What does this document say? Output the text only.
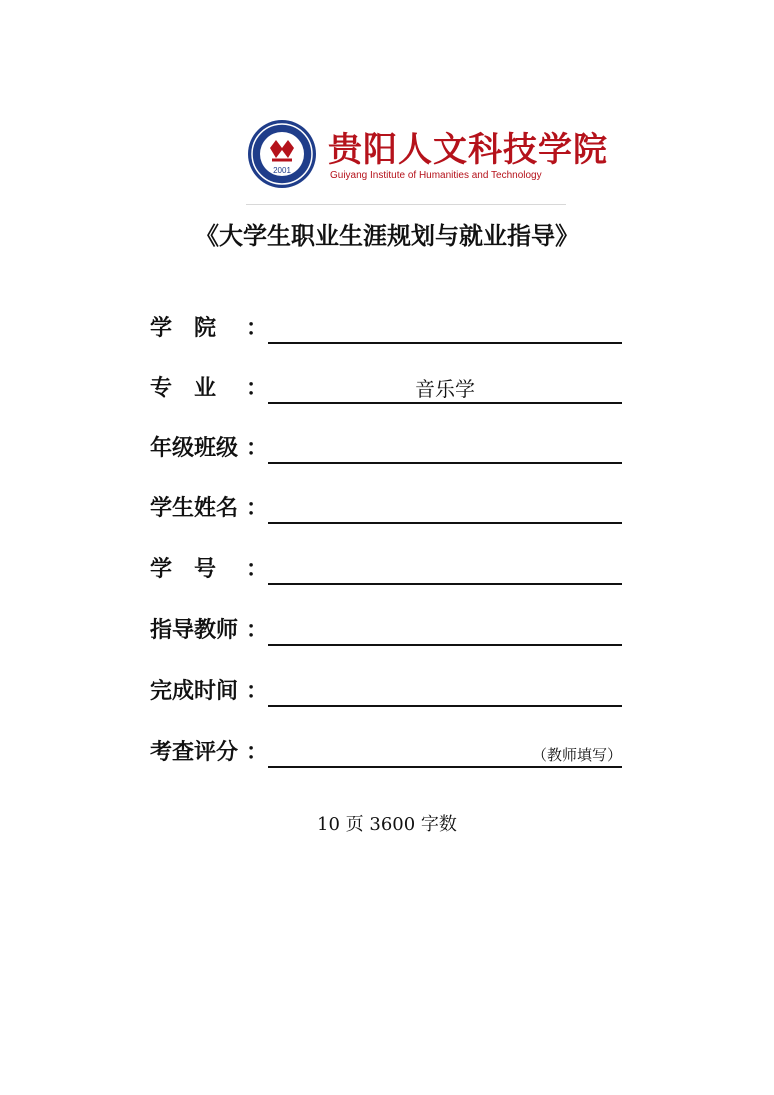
2001
贵阳人文科技学院
Guiyang Institute of Humanities and Technology
《大学生职业生涯规划与就业指导》
学　院 ：
专　业 ：	音乐学
年级班级 ：
学生姓名 ：
学　号 ：
指导教师 ：
完成时间 ：
考查评分 ：	（教师填写）
10 页 3600 字数
